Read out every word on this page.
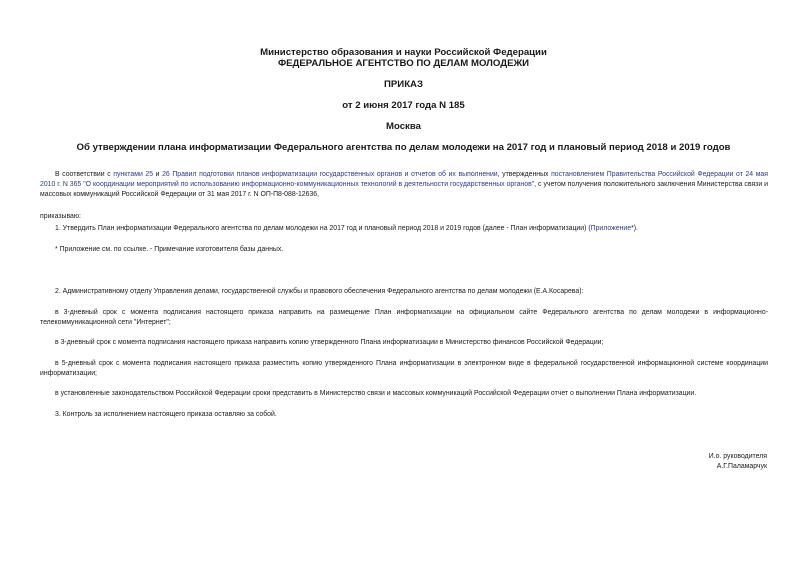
Министерство образования и науки Российской Федерации
ФЕДЕРАЛЬНОЕ АГЕНТСТВО ПО ДЕЛАМ МОЛОДЕЖИ
ПРИКАЗ
от 2 июня 2017 года N 185
Москва
Об утверждении плана информатизации Федерального агентства по делам молодежи на 2017 год и плановый период 2018 и 2019 годов
В соответствии с пунктами 25 и 26 Правил подготовки планов информатизации государственных органов и отчетов об их выполнении, утвержденных постановлением Правительства Российской Федерации от 24 мая 2010 г. N 365 "О координации мероприятий по использованию информационно-коммуникационных технологий в деятельности государственных органов", с учетом получения положительного заключения Министерства связи и массовых коммуникаций Российской Федерации от 31 мая 2017 г. N ОП-П8-088-12636,
приказываю:
1. Утвердить План информатизации Федерального агентства по делам молодежи на 2017 год и плановый период 2018 и 2019 годов (далее - План информатизации) (Приложение*).
* Приложение см. по ссылке. - Примечание изготовителя базы данных.
2. Административному отделу Управления делами, государственной службы и правового обеспечения Федерального агентства по делам молодежи (Е.А.Косарева):
в 3-дневный срок с момента подписания настоящего приказа направить на размещение План информатизации на официальном сайте Федерального агентства по делам молодежи в информационно-телекоммуникационной сети "Интернет";
в 3-дневный срок с момента подписания настоящего приказа направить копию утвержденного Плана информатизации в Министерство финансов Российской Федерации;
в 5-дневный срок с момента подписания настоящего приказа разместить копию утвержденного Плана информатизации в электронном виде в федеральной государственной информационной системе координации информатизации;
в установленные законодательством Российской Федерации сроки представить в Министерство связи и массовых коммуникаций Российской Федерации отчет о выполнении Плана информатизации.
3. Контроль за исполнением настоящего приказа оставляю за собой.
И.о. руководителя
А.Г.Паламарчук
